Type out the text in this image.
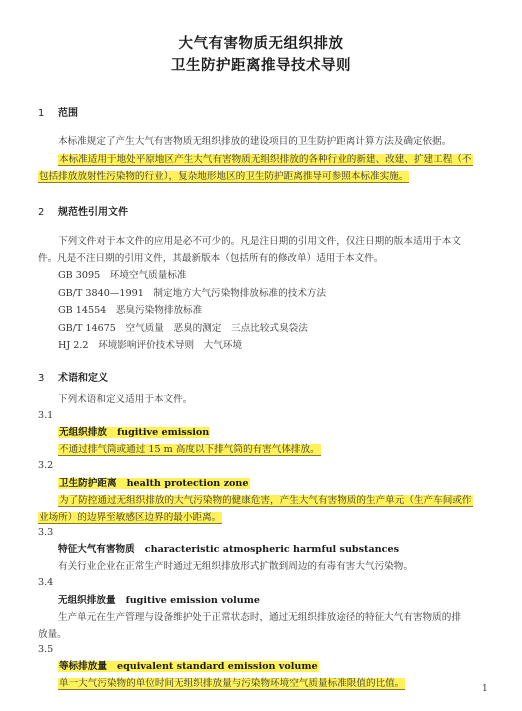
大气有害物质无组织排放
卫生防护距离推导技术导则
1 范围
本标准规定了产生大气有害物质无组织排放的建设项目的卫生防护距离计算方法及确定依据。
本标准适用于地处平原地区产生大气有害物质无组织排放的各种行业的新建、改建、扩建工程（不
包括排放放射性污染物的行业），复杂地形地区的卫生防护距离推导可参照本标准实施。
2 规范性引用文件
下列文件对于本文件的应用是必不可少的。凡是注日期的引用文件，仅注日期的版本适用于本文
件。凡是不注日期的引用文件，其最新版本（包括所有的修改单）适用于本文件。
GB 3095　环境空气质量标准
GB/T 3840—1991　制定地方大气污染物排放标准的技术方法
GB 14554　恶臭污染物排放标准
GB/T 14675　空气质量　恶臭的测定　三点比较式臭袋法
HJ 2.2　环境影响评价技术导则　大气环境
3 术语和定义
下列术语和定义适用于本文件。
3.1
无组织排放 fugitive emission
不通过排气筒或通过 15 m 高度以下排气筒的有害气体排放。
3.2
卫生防护距离 health protection zone
为了防控通过无组织排放的大气污染物的健康危害，产生大气有害物质的生产单元（生产车间或作
业场所）的边界至敏感区边界的最小距离。
3.3
特征大气有害物质 characteristic atmospheric harmful substances
有关行业企业在正常生产时通过无组织排放形式扩散到周边的有毒有害大气污染物。
3.4
无组织排放量 fugitive emission volume
生产单元在生产管理与设备维护处于正常状态时，通过无组织排放途径的特征大气有害物质的排
放量。
3.5
等标排放量 equivalent standard emission volume
单一大气污染物的单位时间无组织排放量与污染物环境空气质量标准限值的比值。	1
